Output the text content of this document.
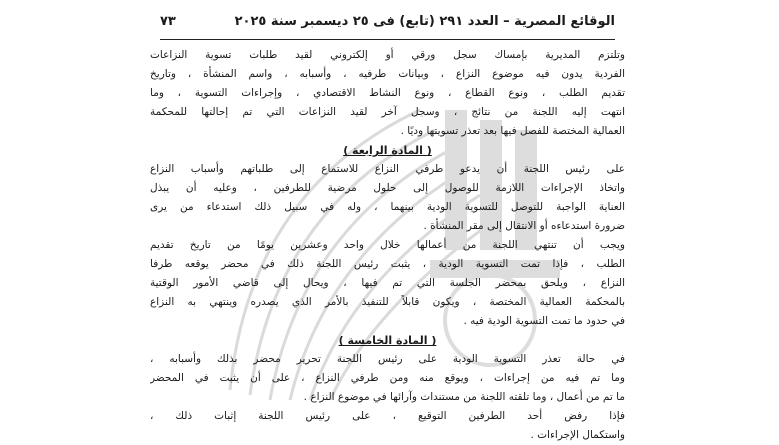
الوقائع المصرية – العدد ٢٩١ (تابع) فى ٢٥ ديسمبر سنة ٢٠٢٥
٧٣
وتلتزم المديرية بإمساك سجل ورقي أو إلكتروني لقيد طلبات تسوية النزاعات
الفردية يدون فيه موضوع النزاع ، وبيانات طرفيه ، وأسبابه ، واسم المنشأة ، وتاريخ
تقديم الطلب ، ونوع القطاع ، ونوع النشاط الاقتصادي ، وإجراءات التسوية ، وما
انتهت إليه اللجنة من نتائج ، وسجل آخر لقيد النزاعات التي تم إحالتها للمحكمة
العمالية المختصة للفصل فيها بعد تعذر تسويتها وديًا .
( المادة الرابعة )
على رئيس اللجنة أن يدعو طرفي النزاع للاستماع إلى طلباتهم وأسباب النزاع
واتخاذ الإجراءات اللازمة للوصول إلى حلول مرضية للطرفين ، وعليه أن يبذل
العناية الواجبة للتوصل للتسوية الودية بينهما ، وله في سبيل ذلك استدعاء من يرى
ضرورة استدعاءه أو الانتقال إلى مقر المنشأة .
ويجب أن تنتهي اللجنة من أعمالها خلال واحد وعشرين يومًا من تاريخ تقديم
الطلب ، فإذا تمت التسوية الودية ، يثبت رئيس اللجنة ذلك في محضر يوقعه طرفا
النزاع ، ويلحق بمحضر الجلسة التي تم فيها ، ويحال إلى قاضي الأمور الوقتية
بالمحكمة العمالية المختصة ، ويكون قابلاً للتنفيذ بالأمر الذي يصدره وينتهي به النزاع
في حدود ما تمت التسوية الودية فيه .
( المادة الخامسة )
في حالة تعذر التسوية الودية على رئيس اللجنة تحرير محضر بذلك وأسبابه ،
وما تم فيه من إجراءات ، ويوقع منه ومن طرفي النزاع ، على أن يثبت في المحضر
ما تم من أعمال ، وما تلقته اللجنة من مستندات وآرائها في موضوع النزاع .
فإذا رفض أحد الطرفين التوقيع ، على رئيس اللجنة إثبات ذلك ،
واستكمال الإجراءات .
